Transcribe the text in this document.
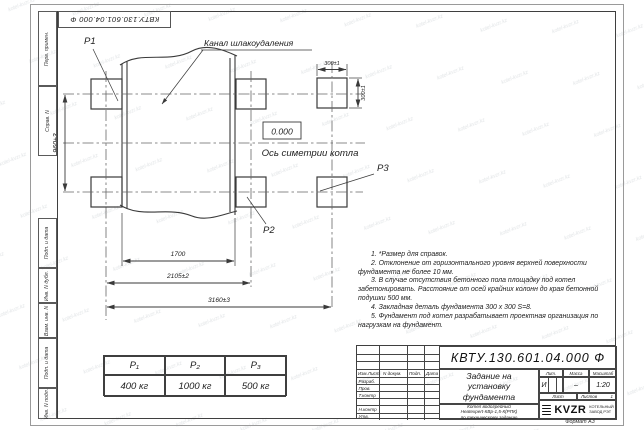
P1	Канал шлакоудаления
0.000
Ось симетрии котла
P2
P3
960±3
300±1
300±1
1700
2105±2
3160±3
Перв. примен.
Справ. N
Подп. и дата
Инв. N дубл.
Взам. инв. N
Подп. и дата
Инв. N подл.
КВТУ.130.601.04.000 Ф

1. *Размер для справок.

2. Отклонение от горизонтального уровня верхней поверхности фундамента не более 10 мм.

3. В случае отсутствия бетонного пола площадку под котел забетонировать. Расстояние от осей крайних колонн до края бетонной подушки 500 мм.

4. Закладная деталь фундамента 300 x 300 S=8.

5. Фундамент под котел разрабатывает проектная организация по нагрузкам на фундамент.

P₁	P₂	P₃
400 кг	1000 кг	500 кг
Изм.Лист N докум. Подп. Дата
Разраб.
Пров.
Т.контр
Н.контр
Утв.
КВТУ.130.601.04.000 Ф
Задание на
установку
фундамента
Котел водогрейный
Heatexpert-КВр-1,5-К(РПК)
по техническому заданию
Лит.	Масса	Масштаб
И	–	1:20
Лист	Листов	1
KVZR КОТЕЛЬНЫЙ
ЗАВОД РЭТ
Формат А3
